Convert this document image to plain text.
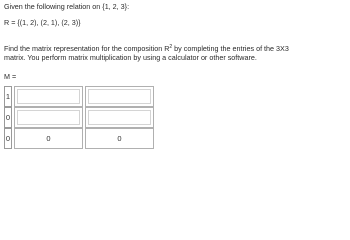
Given the following relation on {1, 2, 3}:
R = {(1, 2), (2, 1), (2, 3)}
Find the matrix representation for the composition $R^2$ by completing the entries of the 3X3
matrix. You perform matrix multiplication by using a calculator or other software.
M =
1
0
0	0	0
